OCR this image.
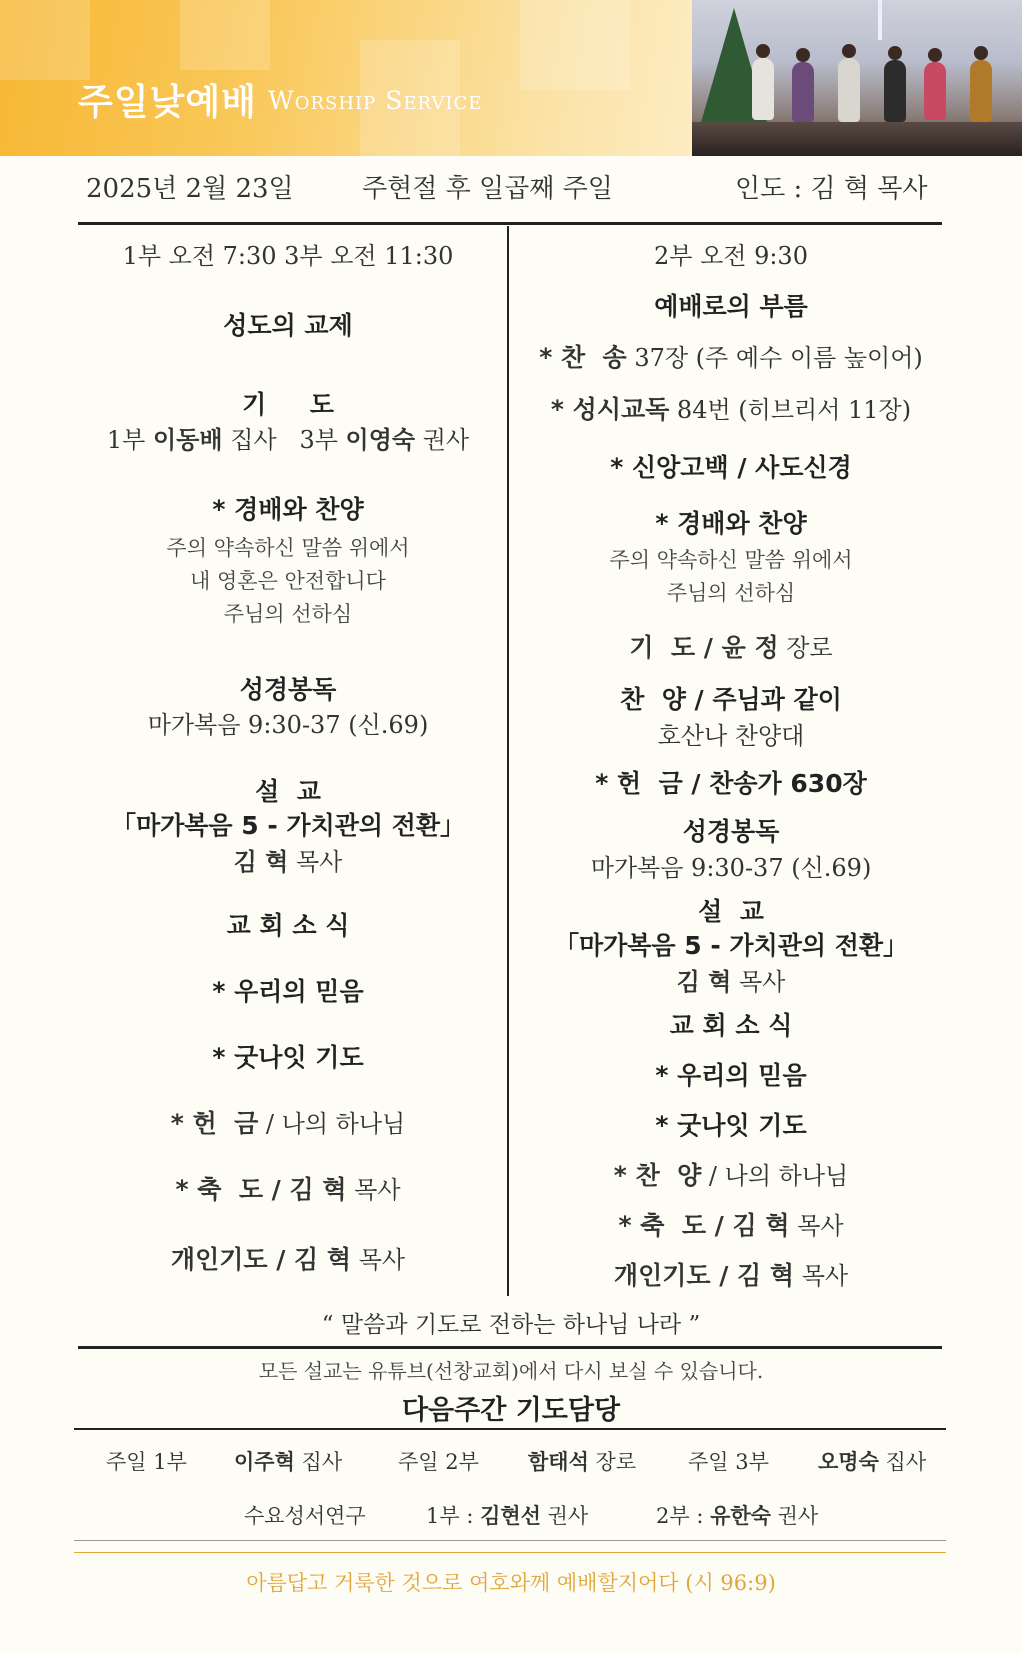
주일낮예배 Worship Service
2025년 2월 23일	주현절 후 일곱째 주일	인도 : 김 혁 목사
1부 오전 7:30 3부 오전 11:30
성도의 교제
기     도
1부 이동배 집사   3부 이영숙 권사
* 경배와 찬양
주의 약속하신 말씀 위에서
내 영혼은 안전합니다
주님의 선하심
성경봉독
마가복음 9:30-37 (신.69)
설  교
「마가복음 5 - 가치관의 전환」
김 혁 목사
교 회 소 식
* 우리의 믿음
* 굿나잇 기도
* 헌  금 / 나의 하나님
* 축  도 / 김 혁 목사
개인기도 / 김 혁 목사
2부 오전 9:30
예배로의 부름
* 찬  송 37장 (주 예수 이름 높이어)
* 성시교독 84번 (히브리서 11장)
* 신앙고백 / 사도신경
* 경배와 찬양
주의 약속하신 말씀 위에서
주님의 선하심
기  도 / 윤 정 장로
찬  양 / 주님과 같이
호산나 찬양대
* 헌  금 / 찬송가 630장
성경봉독
마가복음 9:30-37 (신.69)
설  교
「마가복음 5 - 가치관의 전환」
김 혁 목사
교 회 소 식
* 우리의 믿음
* 굿나잇 기도
* 찬  양 / 나의 하나님
* 축  도 / 김 혁 목사
개인기도 / 김 혁 목사
“ 말씀과 기도로 전하는 하나님 나라 ”
모든 설교는 유튜브(선창교회)에서 다시 보실 수 있습니다.
다음주간 기도담당
주일 1부 이주혁 집사	주일 2부 함태석 장로 주일 3부 오명숙 집사
수요성서연구	1부 : 김현선 권사	2부 : 유한숙 권사
아름답고 거룩한 것으로 여호와께 예배할지어다 (시 96:9)
